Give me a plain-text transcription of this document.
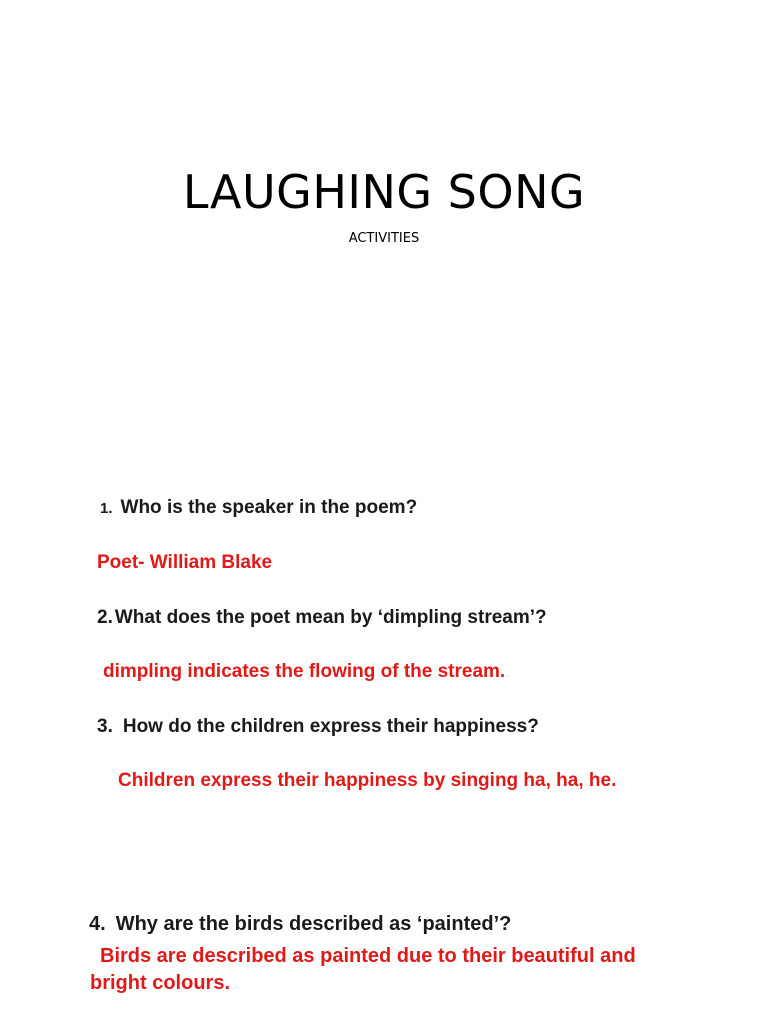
LAUGHING SONG
ACTIVITIES
1. Who is the speaker in the poem?
Poet- William Blake
2. What does the poet mean by ‘dimpling stream’?
dimpling indicates the flowing of the stream.
3. How do the children express their happiness?
Children express their happiness by singing ha, ha, he.
4. Why are the birds described as ‘painted’?
Birds are described as painted due to their beautiful and bright colours.
